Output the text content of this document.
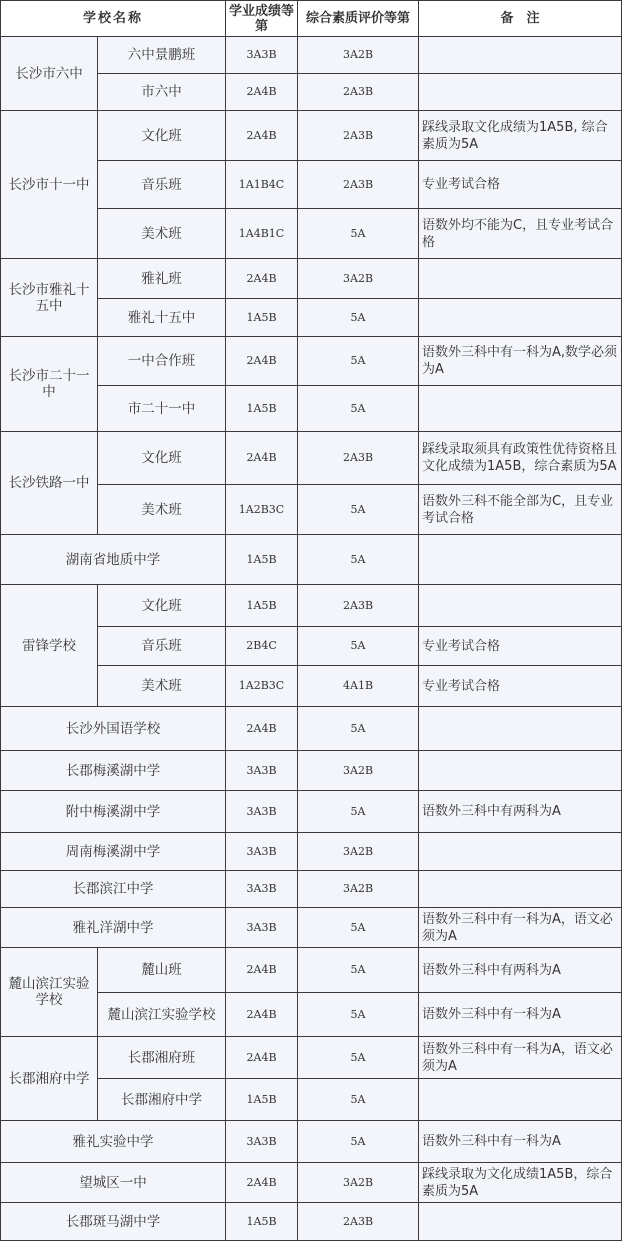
学校名称		学业成绩等第	综合素质评价等第	备　注
长沙市六中	六中景鹏班	3A3B	3A2B	
	市六中	2A4B	2A3B	
长沙市十一中	文化班	2A4B	2A3B	踩线录取文化成绩为1A5B, 综合素质为5A
	音乐班	1A1B4C	2A3B	专业考试合格
	美术班	1A4B1C	5A	语数外均不能为C，且专业考试合格
长沙市雅礼十五中	雅礼班	2A4B	3A2B	
	雅礼十五中	1A5B	5A	
长沙市二十一中	一中合作班	2A4B	5A	语数外三科中有一科为A,数学必须为A
	市二十一中	1A5B	5A	
长沙铁路一中	文化班	2A4B	2A3B	踩线录取须具有政策性优待资格且文化成绩为1A5B，综合素质为5A
	美术班	1A2B3C	5A	语数外三科不能全部为C，且专业考试合格
湖南省地质中学		1A5B	5A	
雷锋学校	文化班	1A5B	2A3B	
	音乐班	2B4C	5A	专业考试合格
	美术班	1A2B3C	4A1B	专业考试合格
长沙外国语学校		2A4B	5A	
长郡梅溪湖中学		3A3B	3A2B	
附中梅溪湖中学		3A3B	5A	语数外三科中有两科为A
周南梅溪湖中学		3A3B	3A2B	
长郡滨江中学		3A3B	3A2B	
雅礼洋湖中学		3A3B	5A	语数外三科中有一科为A，语文必须为A
麓山滨江实验学校	麓山班	2A4B	5A	语数外三科中有两科为A
	麓山滨江实验学校	2A4B	5A	语数外三科中有一科为A
长郡湘府中学	长郡湘府班	2A4B	5A	语数外三科中有一科为A，语文必须为A
	长郡湘府中学	1A5B	5A	
雅礼实验中学		3A3B	5A	语数外三科中有一科为A
望城区一中		2A4B	3A2B	踩线录取为文化成绩1A5B，综合素质为5A
长郡斑马湖中学		1A5B	2A3B	
